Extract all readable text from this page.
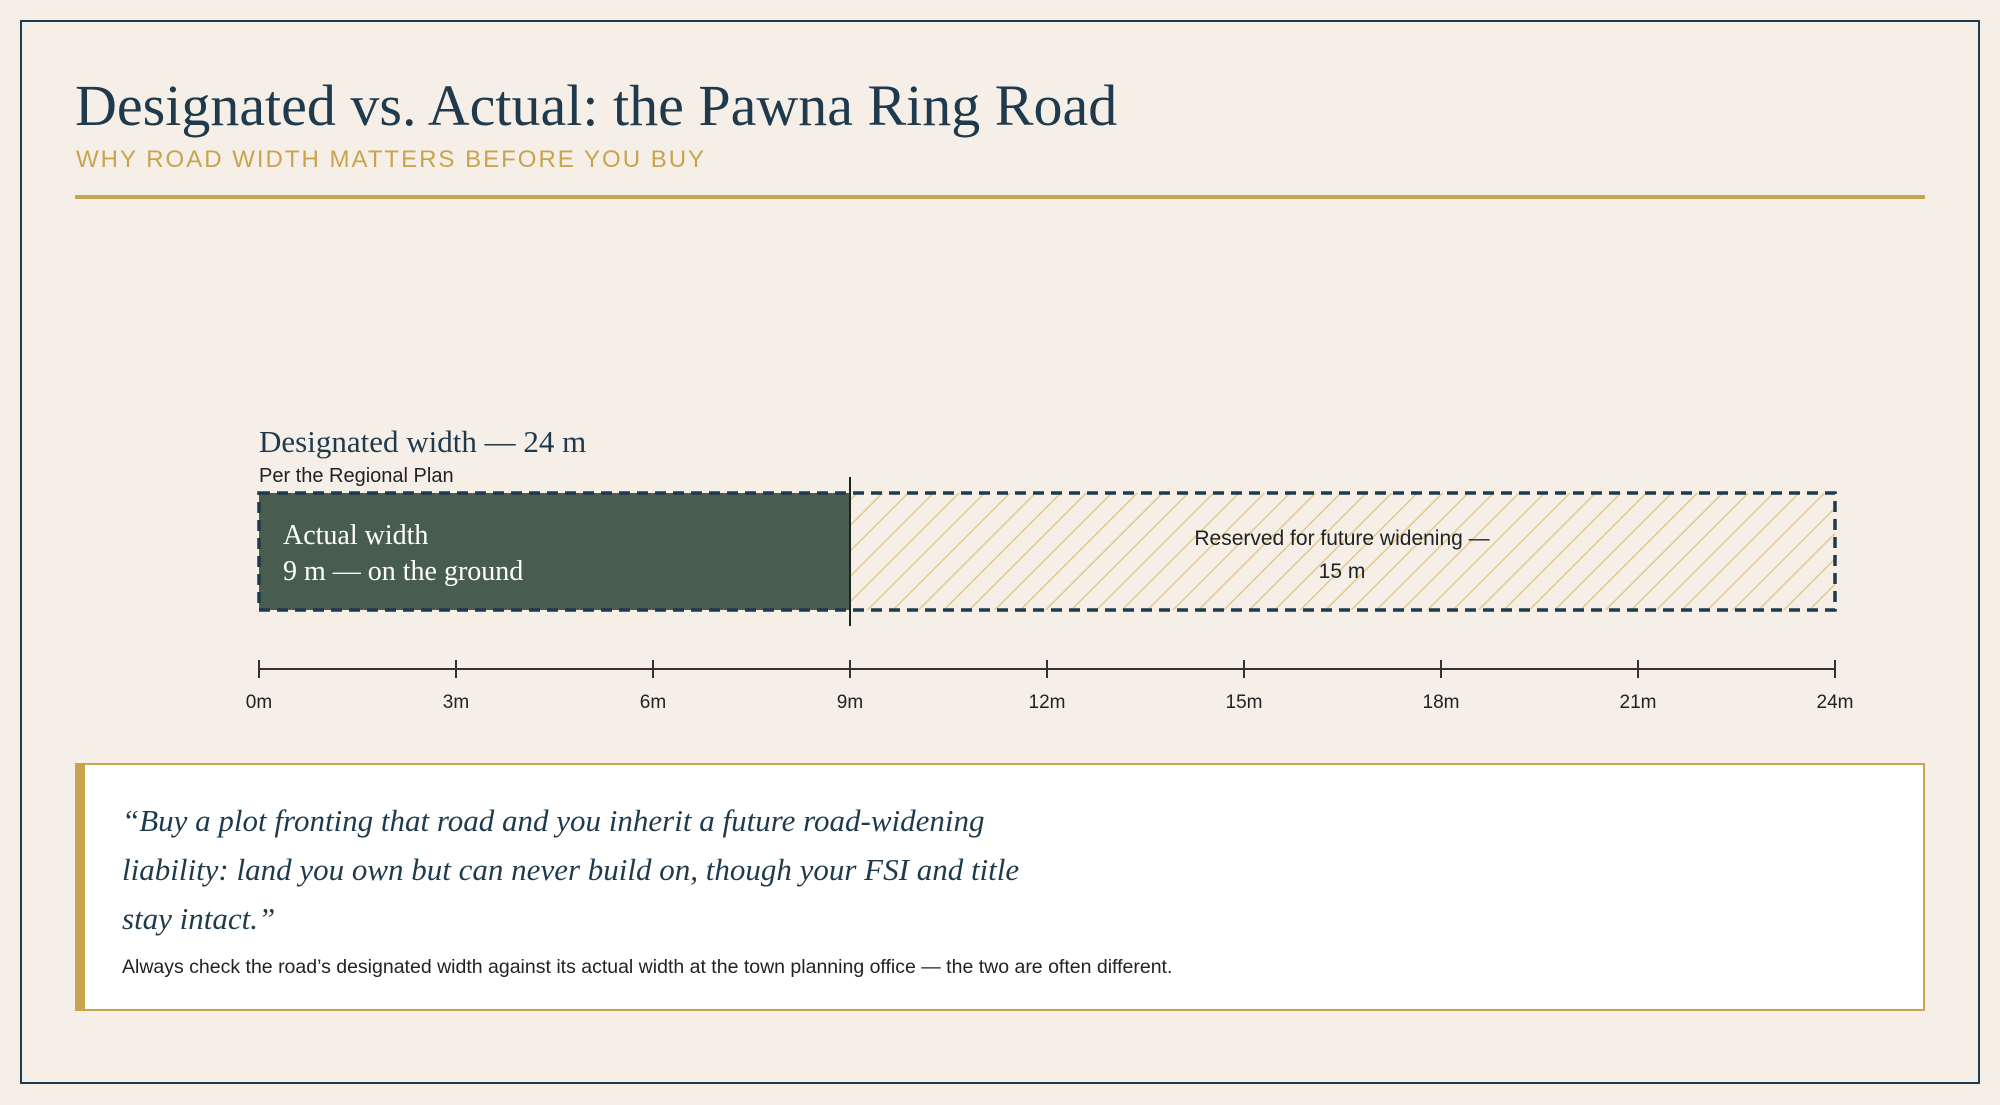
Designated vs. Actual: the Pawna Ring Road
WHY ROAD WIDTH MATTERS BEFORE YOU BUY
Designated width — 24 m
Per the Regional Plan
0m	3m	6m	9m	12m	15m	18m	21m	24m
Actual width
9 m — on the ground
Reserved for future widening — 15 m
“Buy a plot fronting that road and you inherit a future road-widening liability: land you own but can never build on, though your FSI and title stay intact.”
Always check the road’s designated width against its actual width at the town planning office — the two are often different.
